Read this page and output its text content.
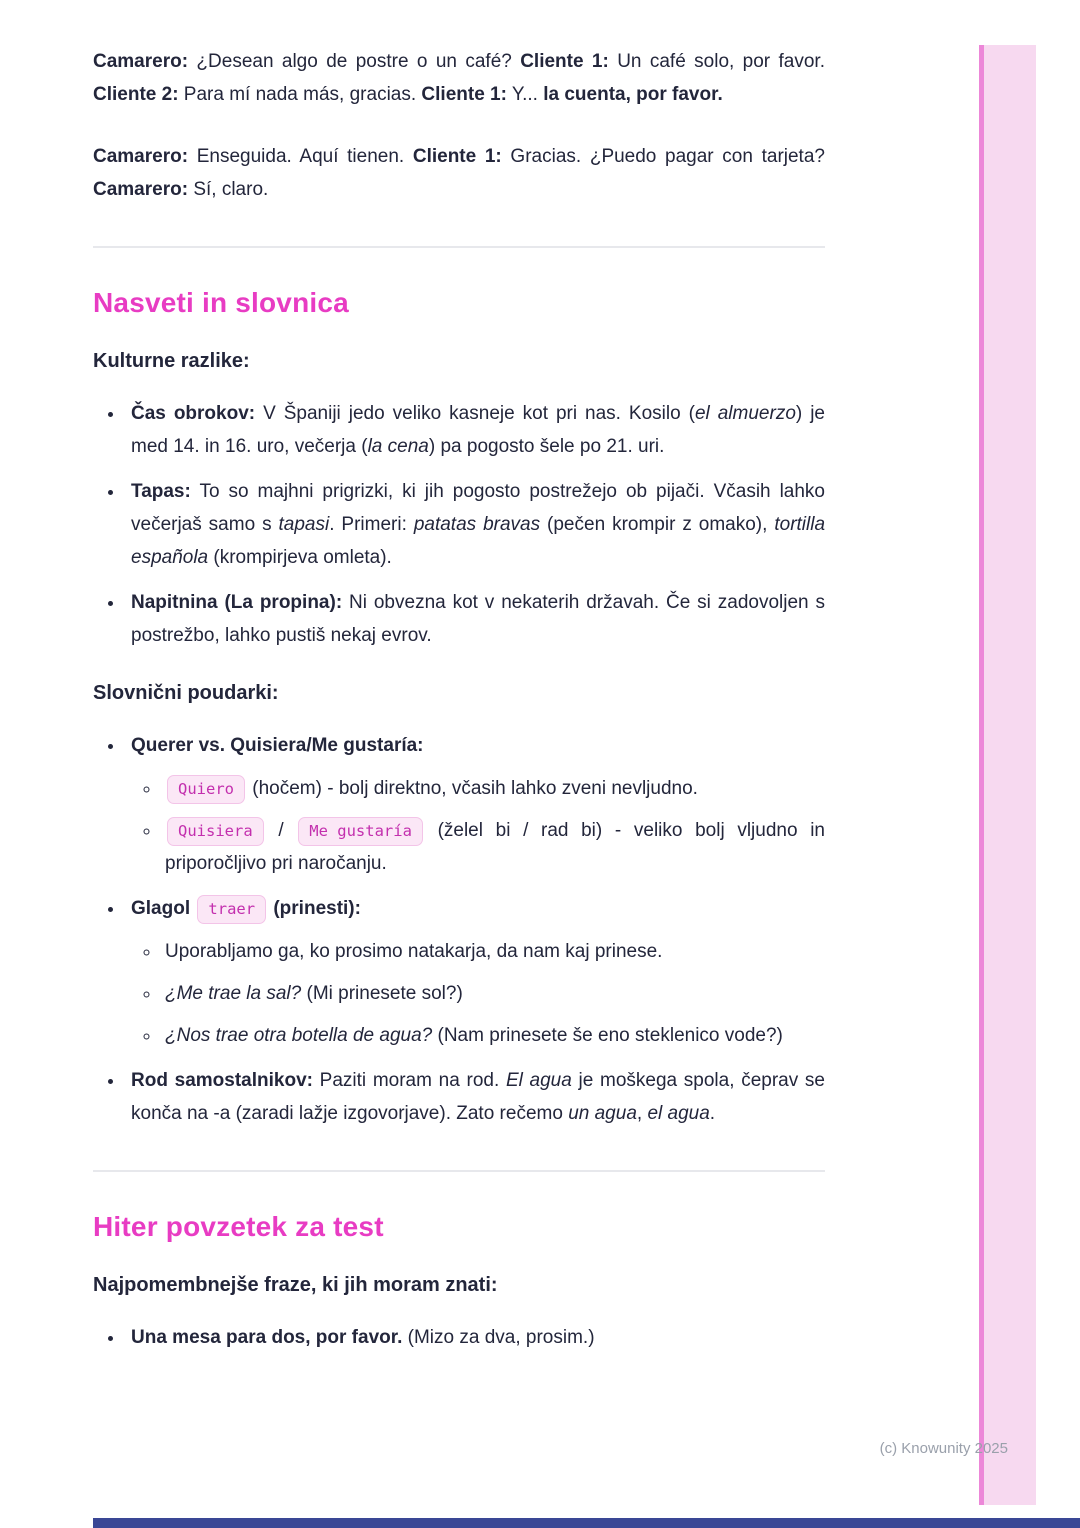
Camarero: ¿Desean algo de postre o un café? Cliente 1: Un café solo, por favor. Cliente 2: Para mí nada más, gracias. Cliente 1: Y... la cuenta, por favor.

Camarero: Enseguida. Aquí tienen. Cliente 1: Gracias. ¿Puedo pagar con tarjeta? Camarero: Sí, claro.

Nasveti in slovnica

Kulturne razlike:

• Čas obrokov: V Španiji jedo veliko kasneje kot pri nas. Kosilo (el almuerzo) je med 14. in 16. uro, večerja (la cena) pa pogosto šele po 21. uri.
• Tapas: To so majhni prigrizki, ki jih pogosto postrežejo ob pijači. Včasih lahko večerjaš samo s tapasi. Primeri: patatas bravas (pečen krompir z omako), tortilla española (krompirjeva omleta).
• Napitnina (La propina): Ni obvezna kot v nekaterih državah. Če si zadovoljen s postrežbo, lahko pustiš nekaj evrov.

Slovnični poudarki:

• Querer vs. Quisiera/Me gustaría:
◦ Quiero (hočem) - bolj direktno, včasih lahko zveni nevljudno.
◦ Quisiera / Me gustaría (želel bi / rad bi) - veliko bolj vljudno in priporočljivo pri naročanju.
• Glagol traer (prinesti):
◦ Uporabljamo ga, ko prosimo natakarja, da nam kaj prinese.
◦ ¿Me trae la sal? (Mi prinesete sol?)
◦ ¿Nos trae otra botella de agua? (Nam prinesete še eno steklenico vode?)
• Rod samostalnikov: Paziti moram na rod. El agua je moškega spola, čeprav se konča na -a (zaradi lažje izgovorjave). Zato rečemo un agua, el agua.
Hiter povzetek za test

Najpomembnejše fraze, ki jih moram znati:

• Una mesa para dos, por favor. (Mizo za dva, prosim.)
(c) Knowunity 2025
